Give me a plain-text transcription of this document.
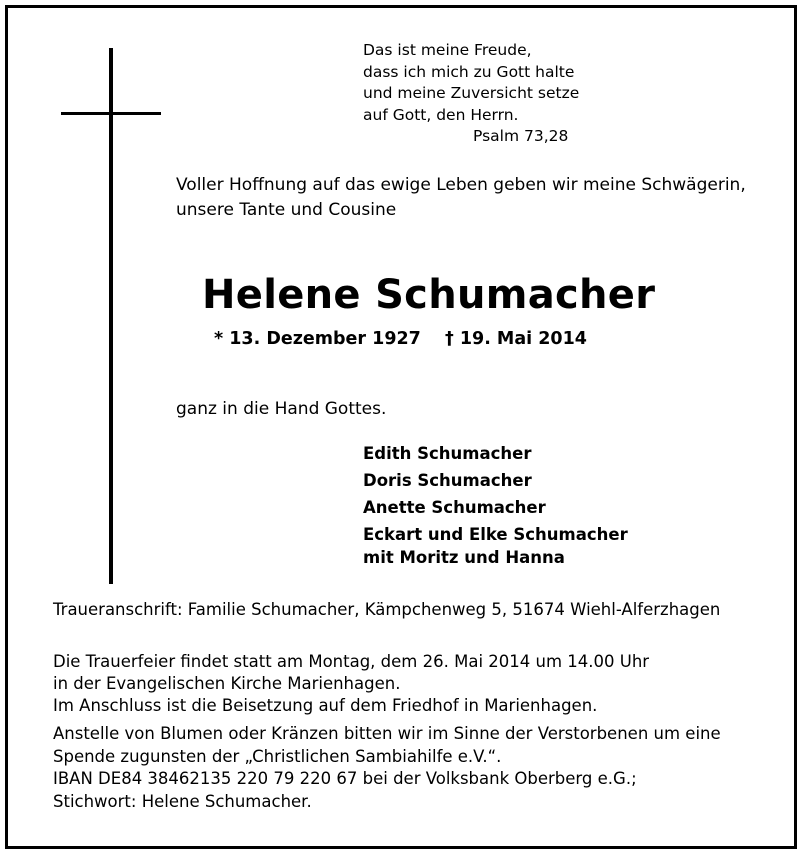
Das ist meine Freude,
dass ich mich zu Gott halte
und meine Zuversicht setze
auf Gott, den Herrn.
Psalm 73,28
Voller Hoffnung auf das ewige Leben geben wir meine Schwägerin,
unsere Tante und Cousine
Helene Schumacher
* 13. Dezember 1927 † 19. Mai 2014
ganz in die Hand Gottes.
Edith Schumacher
Doris Schumacher
Anette Schumacher
Eckart und Elke Schumacher
mit Moritz und Hanna
Traueranschrift: Familie Schumacher, Kämpchenweg 5, 51674 Wiehl-Alferzhagen
Die Trauerfeier findet statt am Montag, dem 26. Mai 2014 um 14.00 Uhr
in der Evangelischen Kirche Marienhagen.
Im Anschluss ist die Beisetzung auf dem Friedhof in Marienhagen.
Anstelle von Blumen oder Kränzen bitten wir im Sinne der Verstorbenen um eine
Spende zugunsten der „Christlichen Sambiahilfe e.V.“.
IBAN DE84 38462135 220 79 220 67 bei der Volksbank Oberberg e.G.;
Stichwort: Helene Schumacher.
